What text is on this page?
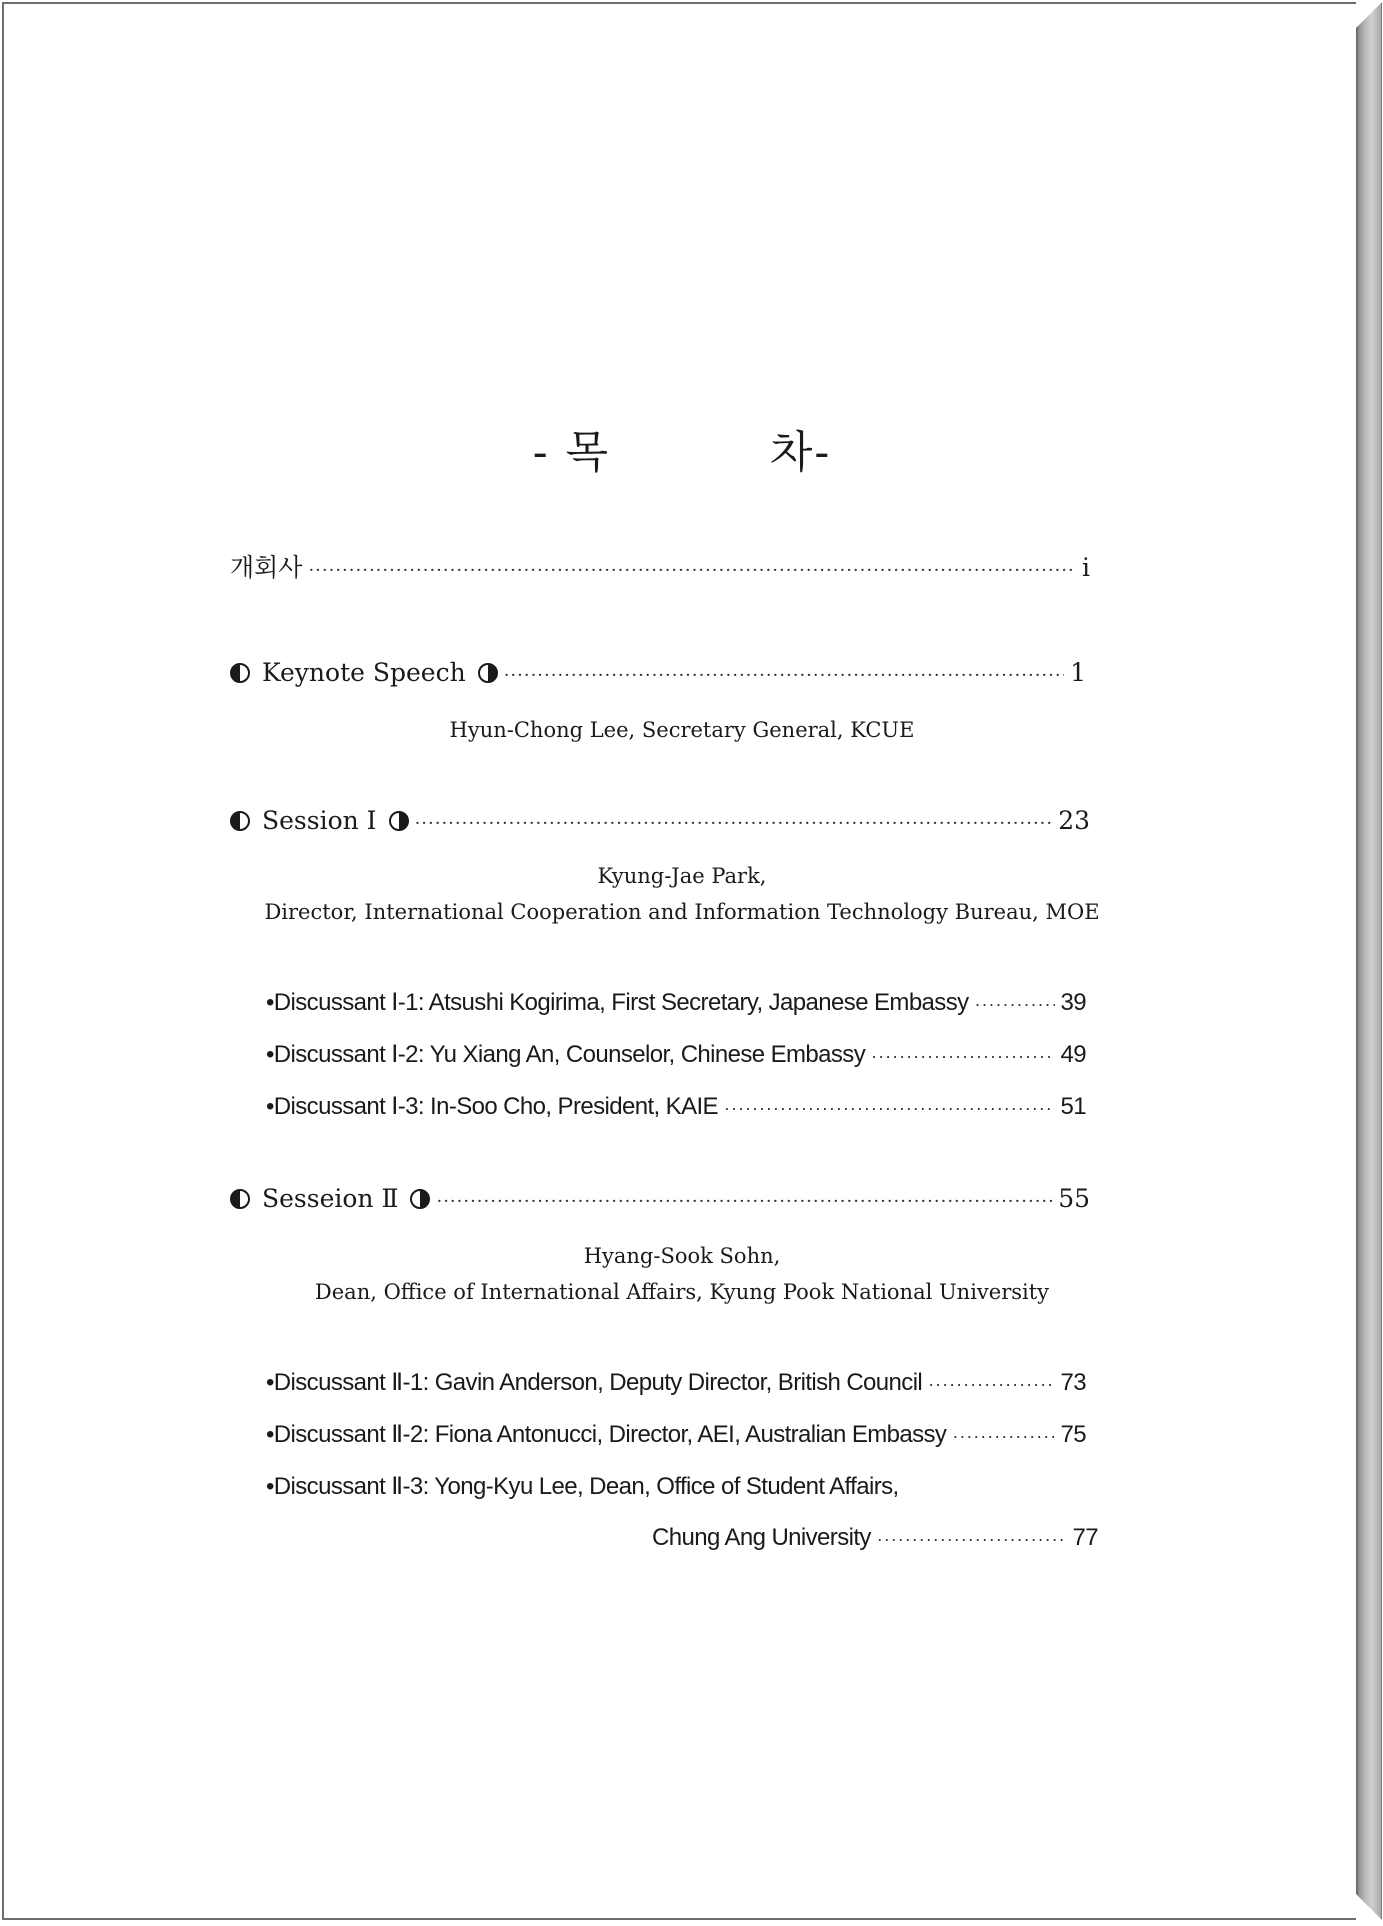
- 목          차-
개회사 ·····	i
Keynote Speech ·····	1
Hyun-Chong Lee, Secretary General, KCUE
Session Ⅰ ·····	23
Kyung-Jae Park,
Director, International Cooperation and Information Technology Bureau, MOE
•Discussant Ⅰ-1: Atsushi Kogirima, First Secretary, Japanese Embassy ·····	39
•Discussant Ⅰ-2: Yu Xiang An, Counselor, Chinese Embassy ·····	49
•Discussant Ⅰ-3: In-Soo Cho, President, KAIE ·····	51
Sesseion Ⅱ ·····	55
Hyang-Sook Sohn,
Dean, Office of International Affairs, Kyung Pook National University
•Discussant Ⅱ-1: Gavin Anderson, Deputy Director, British Council ·····	73
•Discussant Ⅱ-2: Fiona Antonucci, Director, AEI, Australian Embassy ·····	75
•Discussant Ⅱ-3: Yong-Kyu Lee, Dean, Office of Student Affairs,
Chung Ang University ·····	77
